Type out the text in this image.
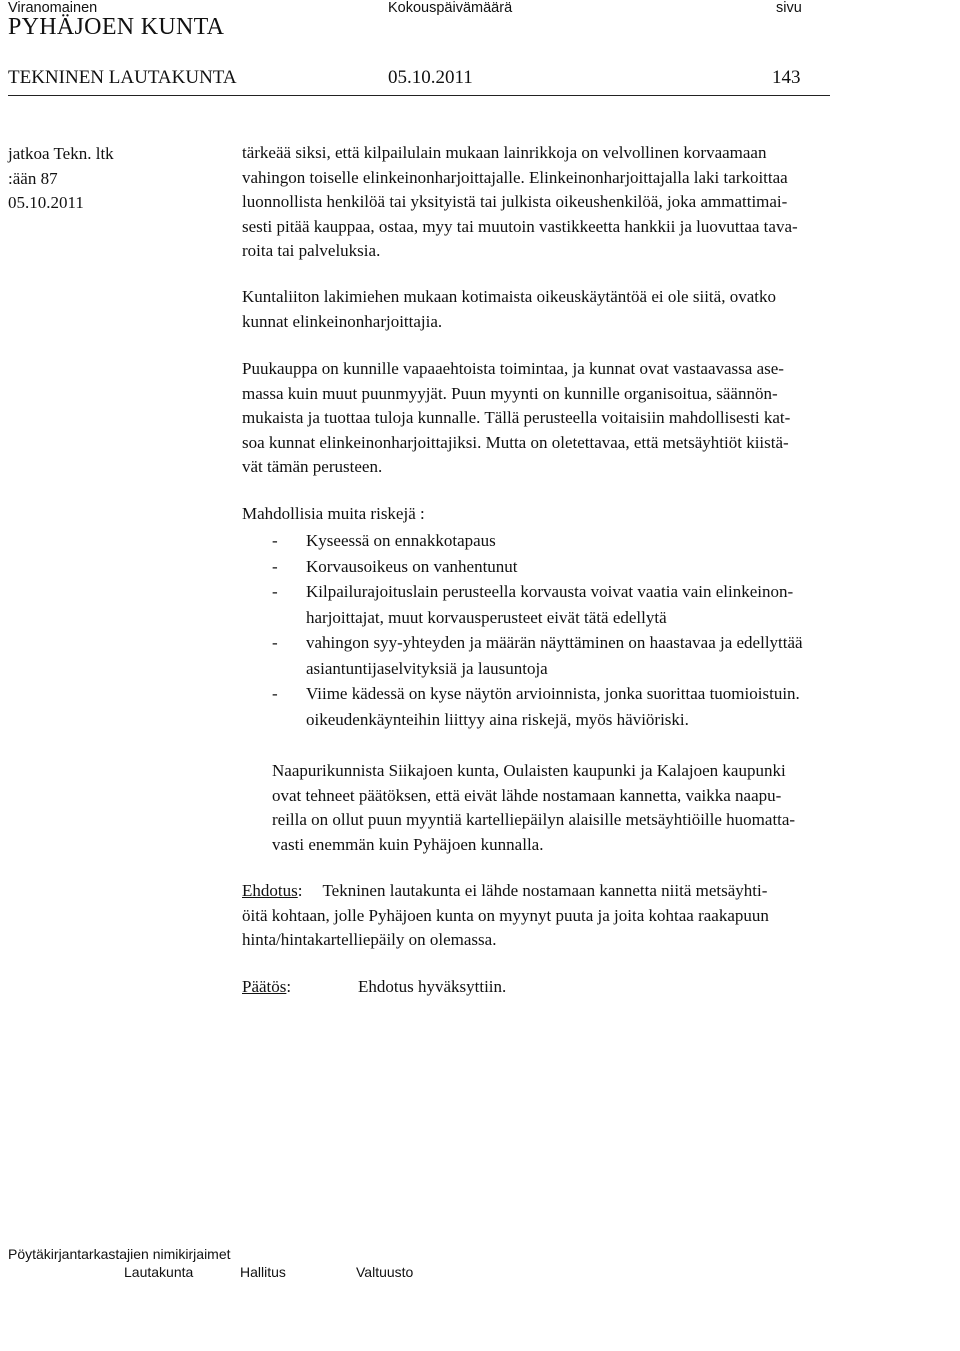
Viranomainen	Kokouspäivämäärä	sivu
PYHÄJOEN KUNTA
TEKNINEN LAUTAKUNTA	05.10.2011	143
jatkoa Tekn. ltk
:ään 87
05.10.2011
tärkeää siksi, että kilpailulain mukaan lainrikkoja on velvollinen korvaamaan
vahingon toiselle elinkeinonharjoittajalle. Elinkeinonharjoittajalla laki tarkoittaa
luonnollista henkilöä tai yksityistä tai julkista oikeushenkilöä, joka ammattimai-
sesti pitää kauppaa, ostaa, myy tai muutoin vastikkeetta hankkii ja luovuttaa tava-
roita tai palveluksia.
Kuntaliiton lakimiehen mukaan kotimaista oikeuskäytäntöä ei ole siitä, ovatko
kunnat elinkeinonharjoittajia.
Puukauppa on kunnille vapaaehtoista toimintaa, ja kunnat ovat vastaavassa ase-
massa kuin muut puunmyyjät. Puun myynti on kunnille organisoitua, säännön-
mukaista ja tuottaa tuloja kunnalle. Tällä perusteella voitaisiin mahdollisesti kat-
soa kunnat elinkeinonharjoittajiksi. Mutta on oletettavaa, että metsäyhtiöt kiistä-
vät tämän perusteen.
Mahdollisia muita riskejä :
- Kyseessä on ennakkotapaus
- Korvausoikeus on vanhentunut
- Kilpailurajoituslain perusteella korvausta voivat vaatia vain elinkeinon-
harjoittajat, muut korvausperusteet eivät tätä edellytä
- vahingon syy-yhteyden ja määrän näyttäminen on haastavaa ja edellyttää
asiantuntijaselvityksiä ja lausuntoja
- Viime kädessä on kyse näytön arvioinnista, jonka suorittaa tuomioistuin.
oikeudenkäynteihin liittyy aina riskejä, myös häviöriski.
Naapurikunnista Siikajoen kunta, Oulaisten kaupunki ja Kalajoen kaupunki
ovat tehneet päätöksen, että eivät lähde nostamaan kannetta, vaikka naapu-
reilla on ollut puun myyntiä kartelliepäilyn alaisille metsäyhtiöille huomatta-
vasti enemmän kuin Pyhäjoen kunnalla.
Ehdotus: Tekninen lautakunta ei lähde nostamaan kannetta niitä metsäyhti-
öitä kohtaan, jolle Pyhäjoen kunta on myynyt puuta ja joita kohtaa raakapuun
hinta/hintakartelliepäily on olemassa.
Päätös:	Ehdotus hyväksyttiin.
Pöytäkirjantarkastajien nimikirjaimet
Lautakunta	Hallitus	Valtuusto
